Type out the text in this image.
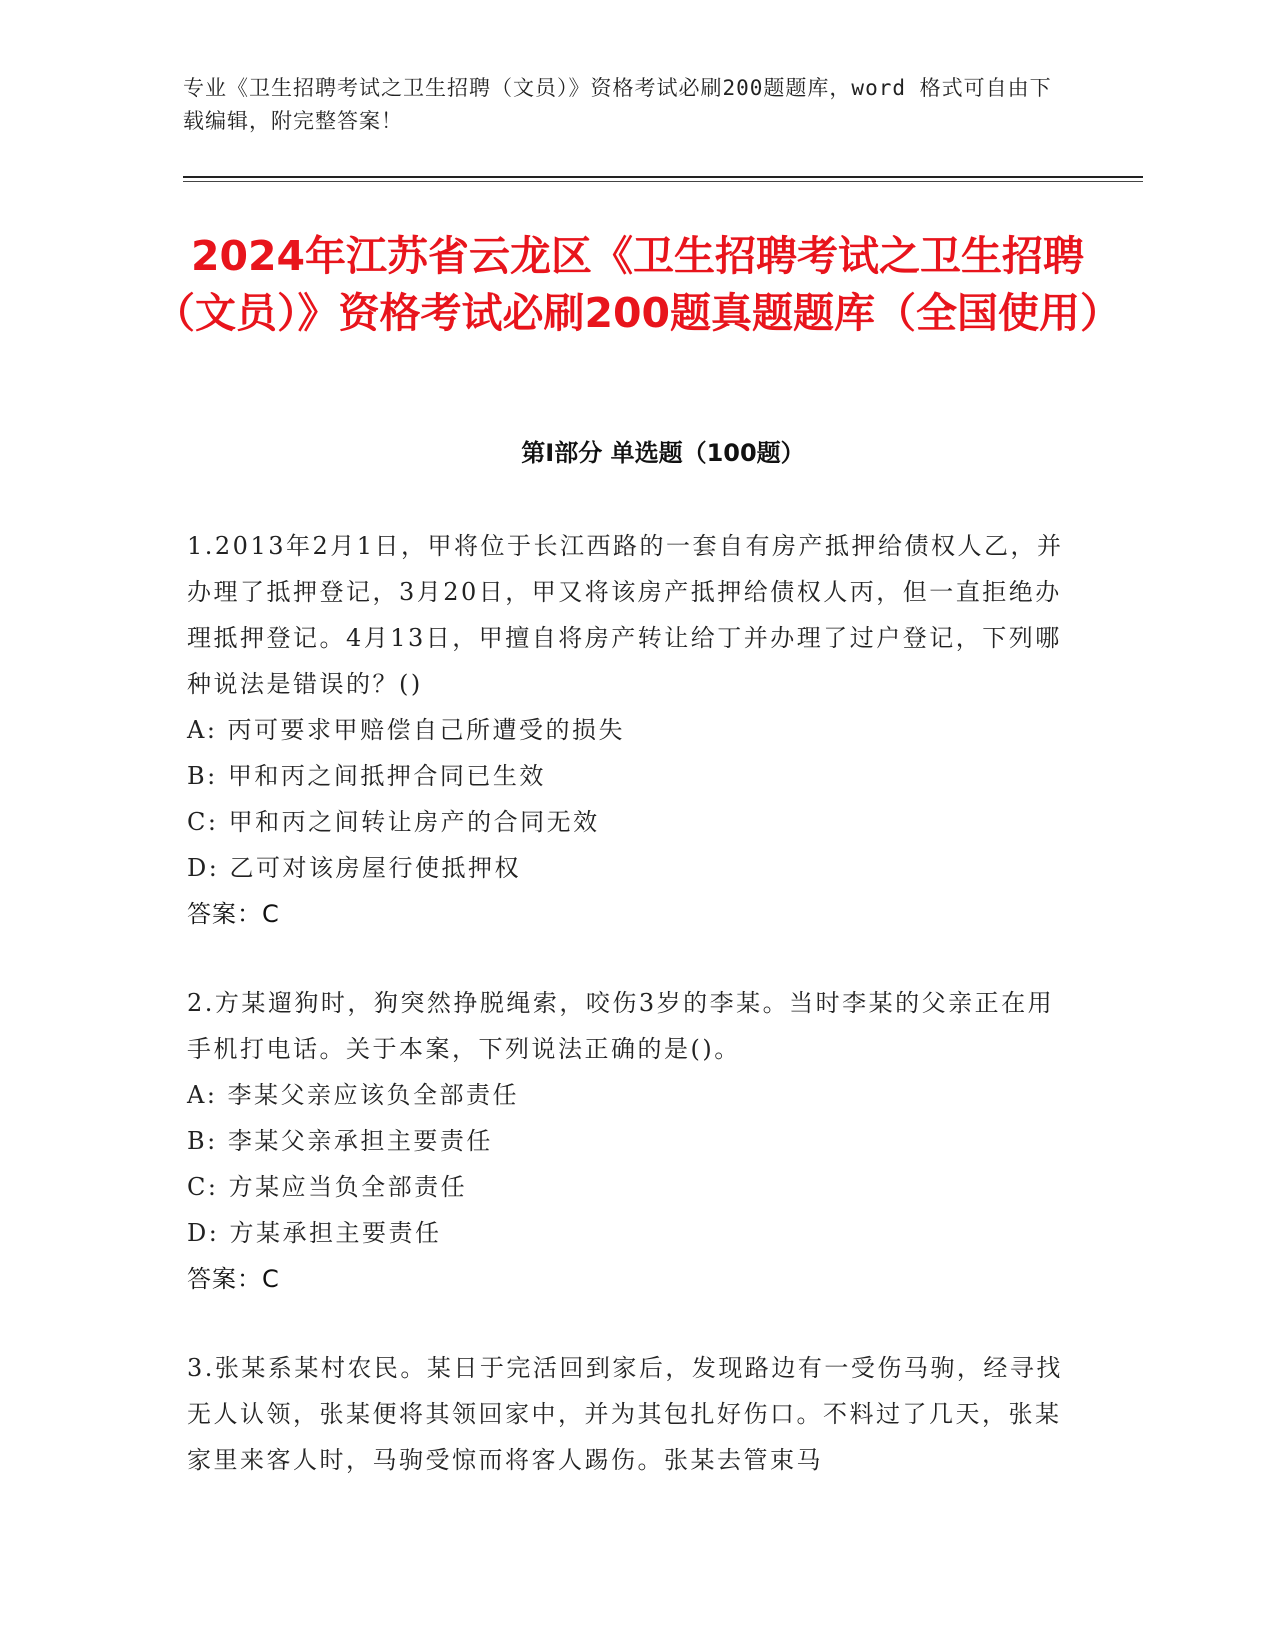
专业《卫生招聘考试之卫生招聘（文员）》资格考试必刷200题题库，word 格式可自由下载编辑，附完整答案！
2024年江苏省云龙区《卫生招聘考试之卫生招聘（文员）》资格考试必刷200题真题题库（全国使用）
第Ⅰ部分 单选题（100题）
1.2013年2月1日，甲将位于长江西路的一套自有房产抵押给债权人乙，并办理了抵押登记，3月20日，甲又将该房产抵押给债权人丙，但一直拒绝办理抵押登记。4月13日，甲擅自将房产转让给丁并办理了过户登记，下列哪种说法是错误的？()
A: 丙可要求甲赔偿自己所遭受的损失
B: 甲和丙之间抵押合同已生效
C: 甲和丙之间转让房产的合同无效
D: 乙可对该房屋行使抵押权
答案：C
2.方某遛狗时，狗突然挣脱绳索，咬伤3岁的李某。当时李某的父亲正在用手机打电话。关于本案，下列说法正确的是()。
A: 李某父亲应该负全部责任
B: 李某父亲承担主要责任
C: 方某应当负全部责任
D: 方某承担主要责任
答案：C
3.张某系某村农民。某日于完活回到家后，发现路边有一受伤马驹，经寻找无人认领，张某便将其领回家中，并为其包扎好伤口。不料过了几天，张某家里来客人时，马驹受惊而将客人踢伤。张某去管束马
